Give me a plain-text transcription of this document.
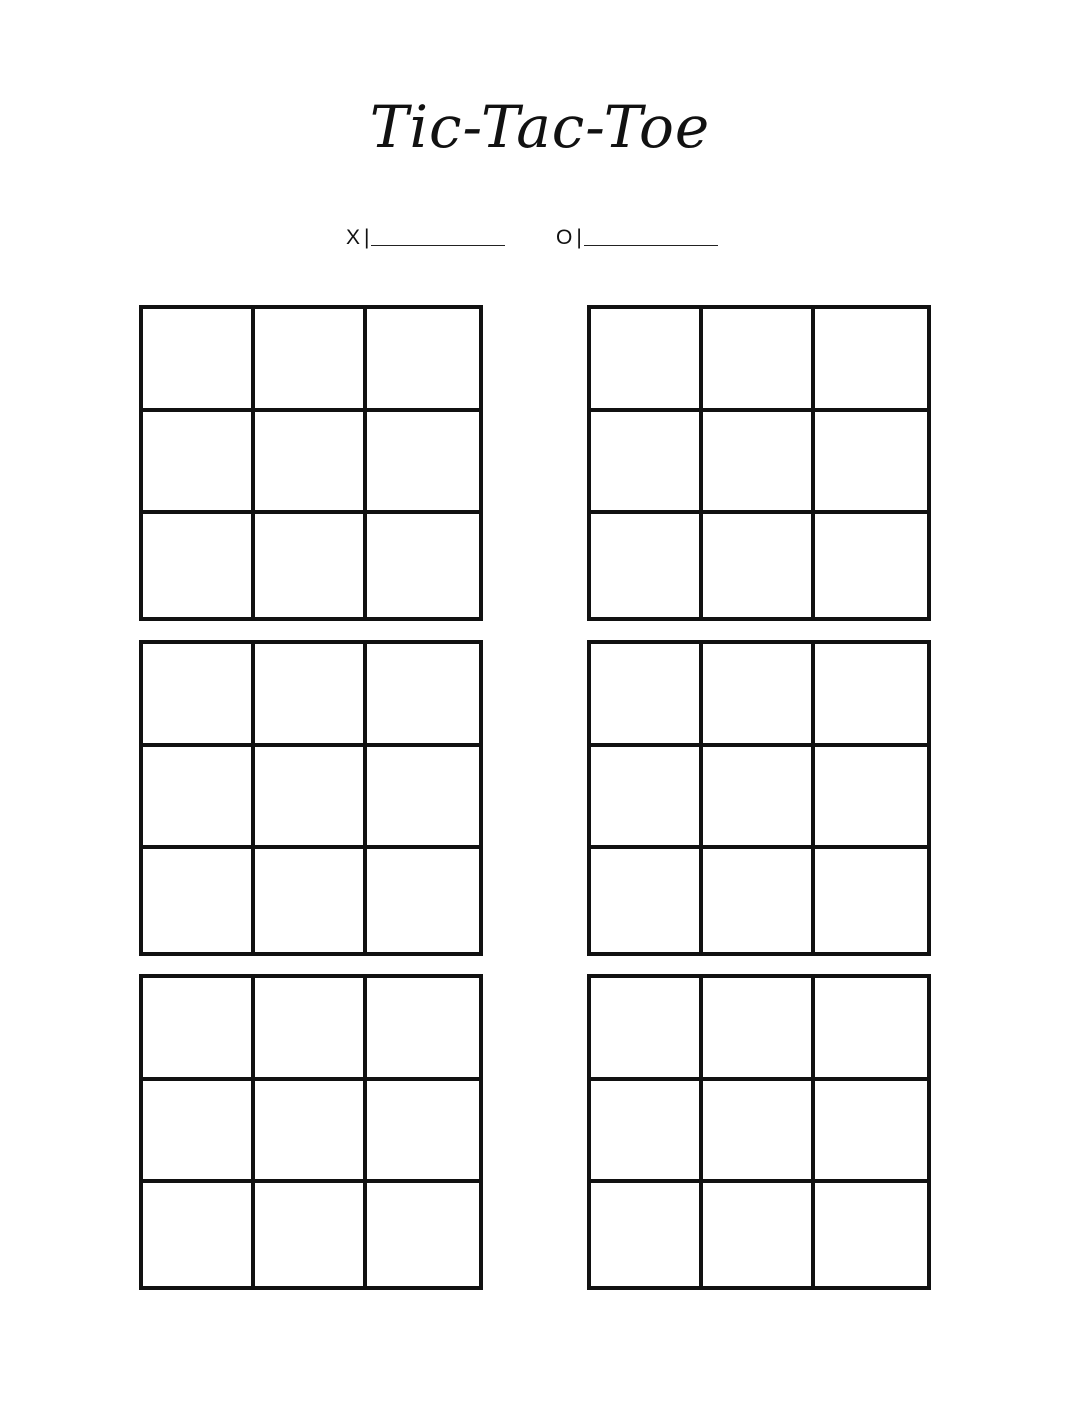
Tic-Tac-Toe
X |	O |
